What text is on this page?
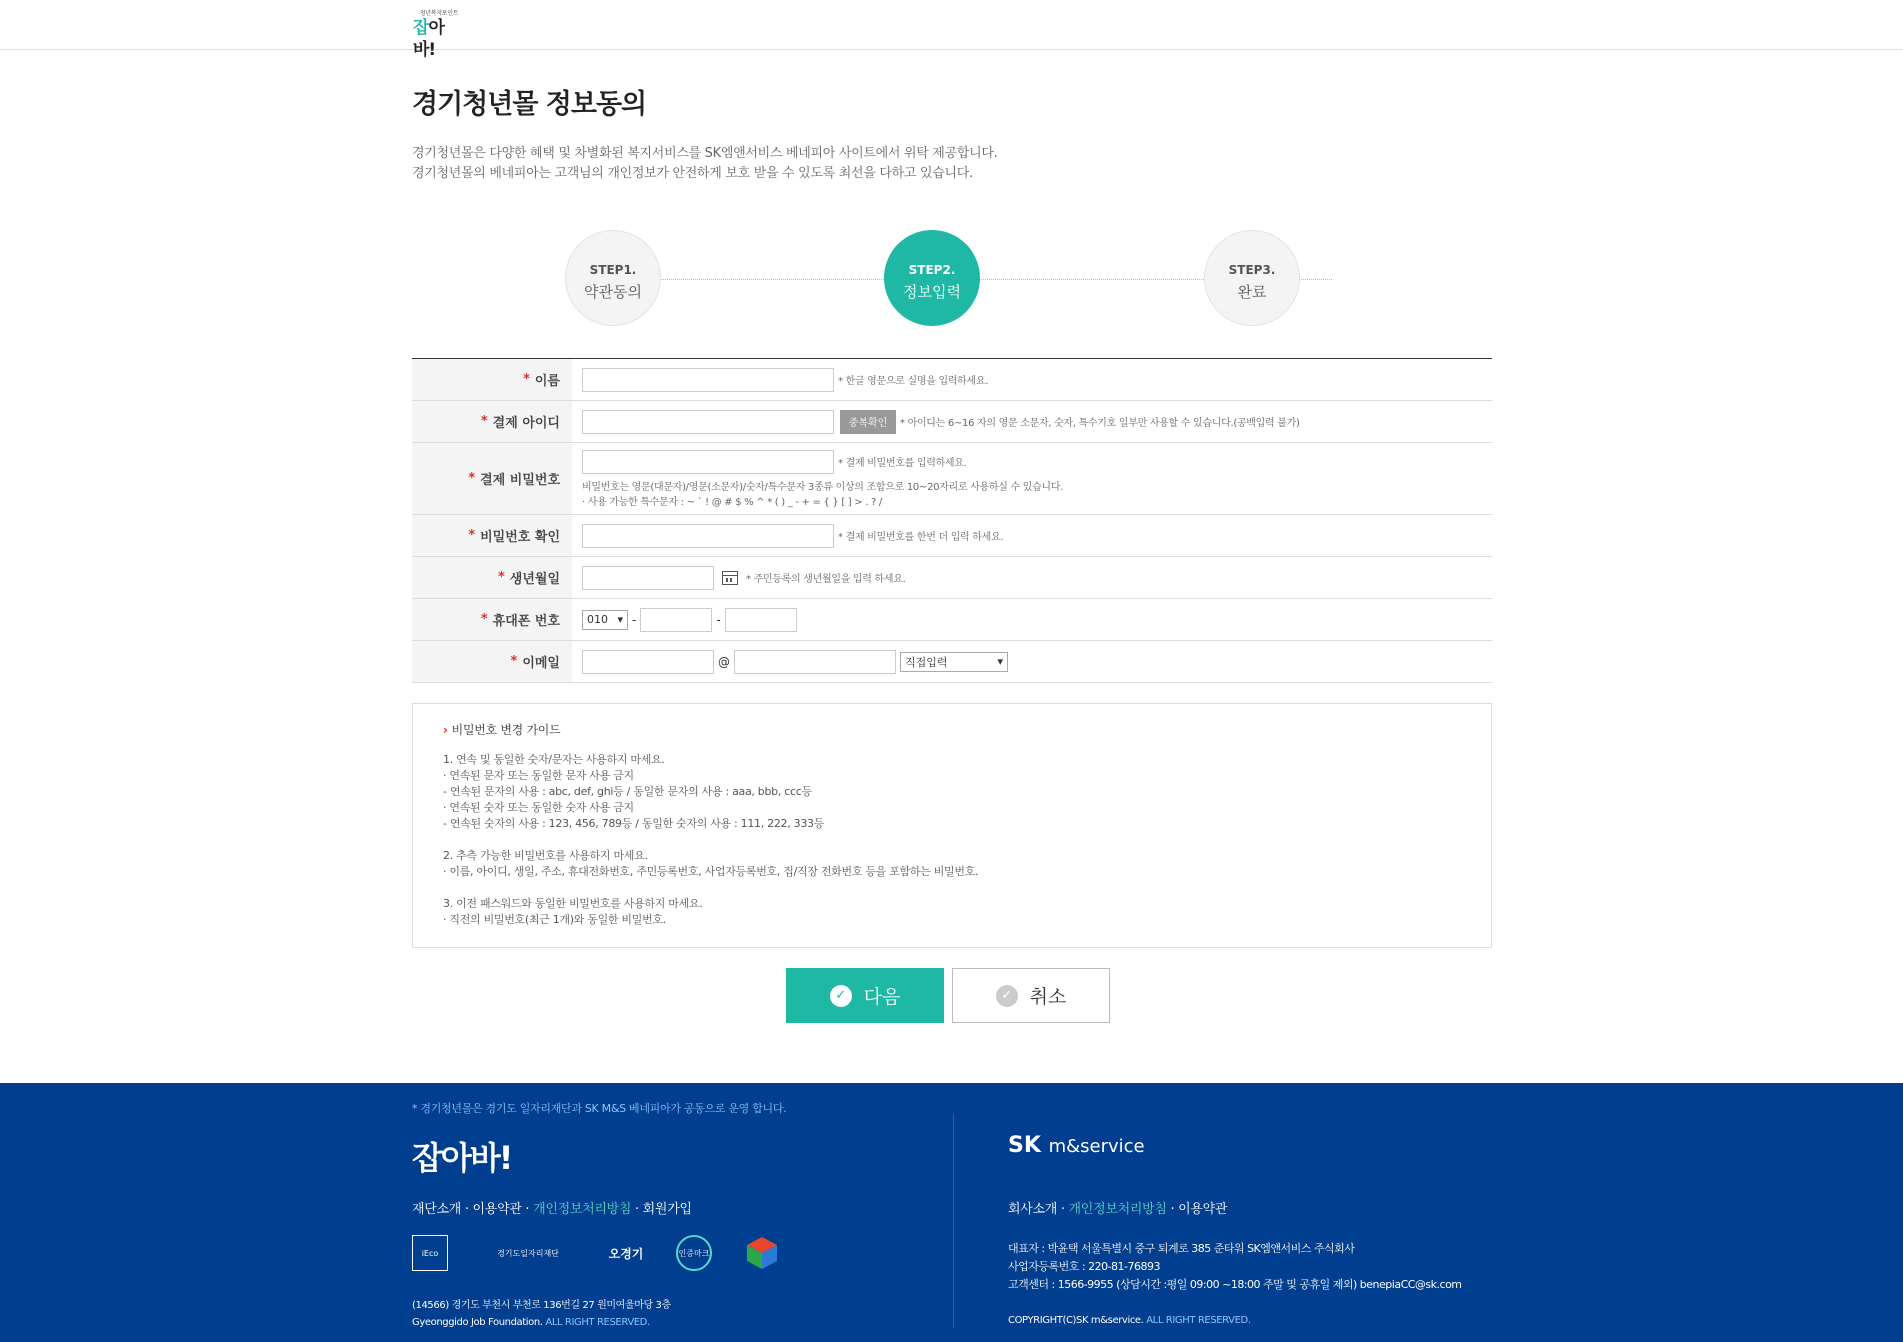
청년복지포인트
잡아바!
경기청년몰 정보동의
경기청년몰은 다양한 혜택 및 차별화된 복지서비스를 SK엠앤서비스 베네피아 사이트에서 위탁 제공합니다.
경기청년몰의 베네피아는 고객님의 개인정보가 안전하게 보호 받을 수 있도록 최선을 다하고 있습니다.
STEP1.
약관동의
STEP2.
정보입력
STEP3.
완료
* 이름	* 한글 영문으로 실명을 입력하세요.
* 결제 아이디	중복확인	* 아이디는 6~16 자의 영문 소문자, 숫자, 특수기호 일부만 사용할 수 있습니다.(공백입력 불가)
* 결제 비밀번호
* 결제 비밀번호를 입력하세요.
비밀번호는 영문(대문자)/영문(소문자)/숫자/특수문자 3종류 이상의 조합으로 10~20자리로 사용하실 수 있습니다.
· 사용 가능한 특수문자 : ~ ` ! @ # $ % ^ * ( ) _ - + = { } [ ] > . ? /
* 비밀번호 확인	* 결제 비밀번호를 한번 더 입력 하세요.
* 생년월일	* 주민등록의 생년월일을 입력 하세요.
* 휴대폰 번호 010 ▾ -	-
* 이메일	@	직접입력	▾
› 비밀번호 변경 가이드
1. 연속 및 동일한 숫자/문자는 사용하지 마세요.
· 연속된 문자 또는 동일한 문자 사용 금지
- 연속된 문자의 사용 : abc, def, ghi등 / 동일한 문자의 사용 : aaa, bbb, ccc등
· 연속된 숫자 또는 동일한 숫자 사용 금지
- 연속된 숫자의 사용 : 123, 456, 789등 / 동일한 숫자의 사용 : 111, 222, 333등
2. 추측 가능한 비밀번호를 사용하지 마세요.
· 이름, 아이디, 생일, 주소, 휴대전화번호, 주민등록번호, 사업자등록번호, 집/직장 전화번호 등을 포함하는 비밀번호.
3. 이전 패스워드와 동일한 비밀번호를 사용하지 마세요.
· 직전의 비밀번호(최근 1개)와 동일한 비밀번호.
✓ 다음	✓ 취소
* 경기청년몰은 경기도 일자리재단과 SK M&S 베네피아가 공동으로 운영 합니다.
잡아바!
재단소개 · 이용약관 · 개인정보처리방침 · 회원가입
iEco	경기도일자리재단	오경기	인증마크
(14566) 경기도 부천시 부천로 136번길 27 원미여울마당 3층
Gyeonggido Job Foundation. ALL RIGHT RESERVED.
SK m&service
회사소개 · 개인정보처리방침 · 이용약관
대표자 : 박윤택 서울특별시 중구 퇴계로 385 준타워 SK엠앤서비스 주식회사
사업자등록번호 : 220-81-76893
고객센터 : 1566-9955 (상담시간 :평일 09:00 ~18:00 주말 및 공휴일 제외) benepiaCC@sk.com
COPYRIGHT(C)SK m&service. ALL RIGHT RESERVED.
